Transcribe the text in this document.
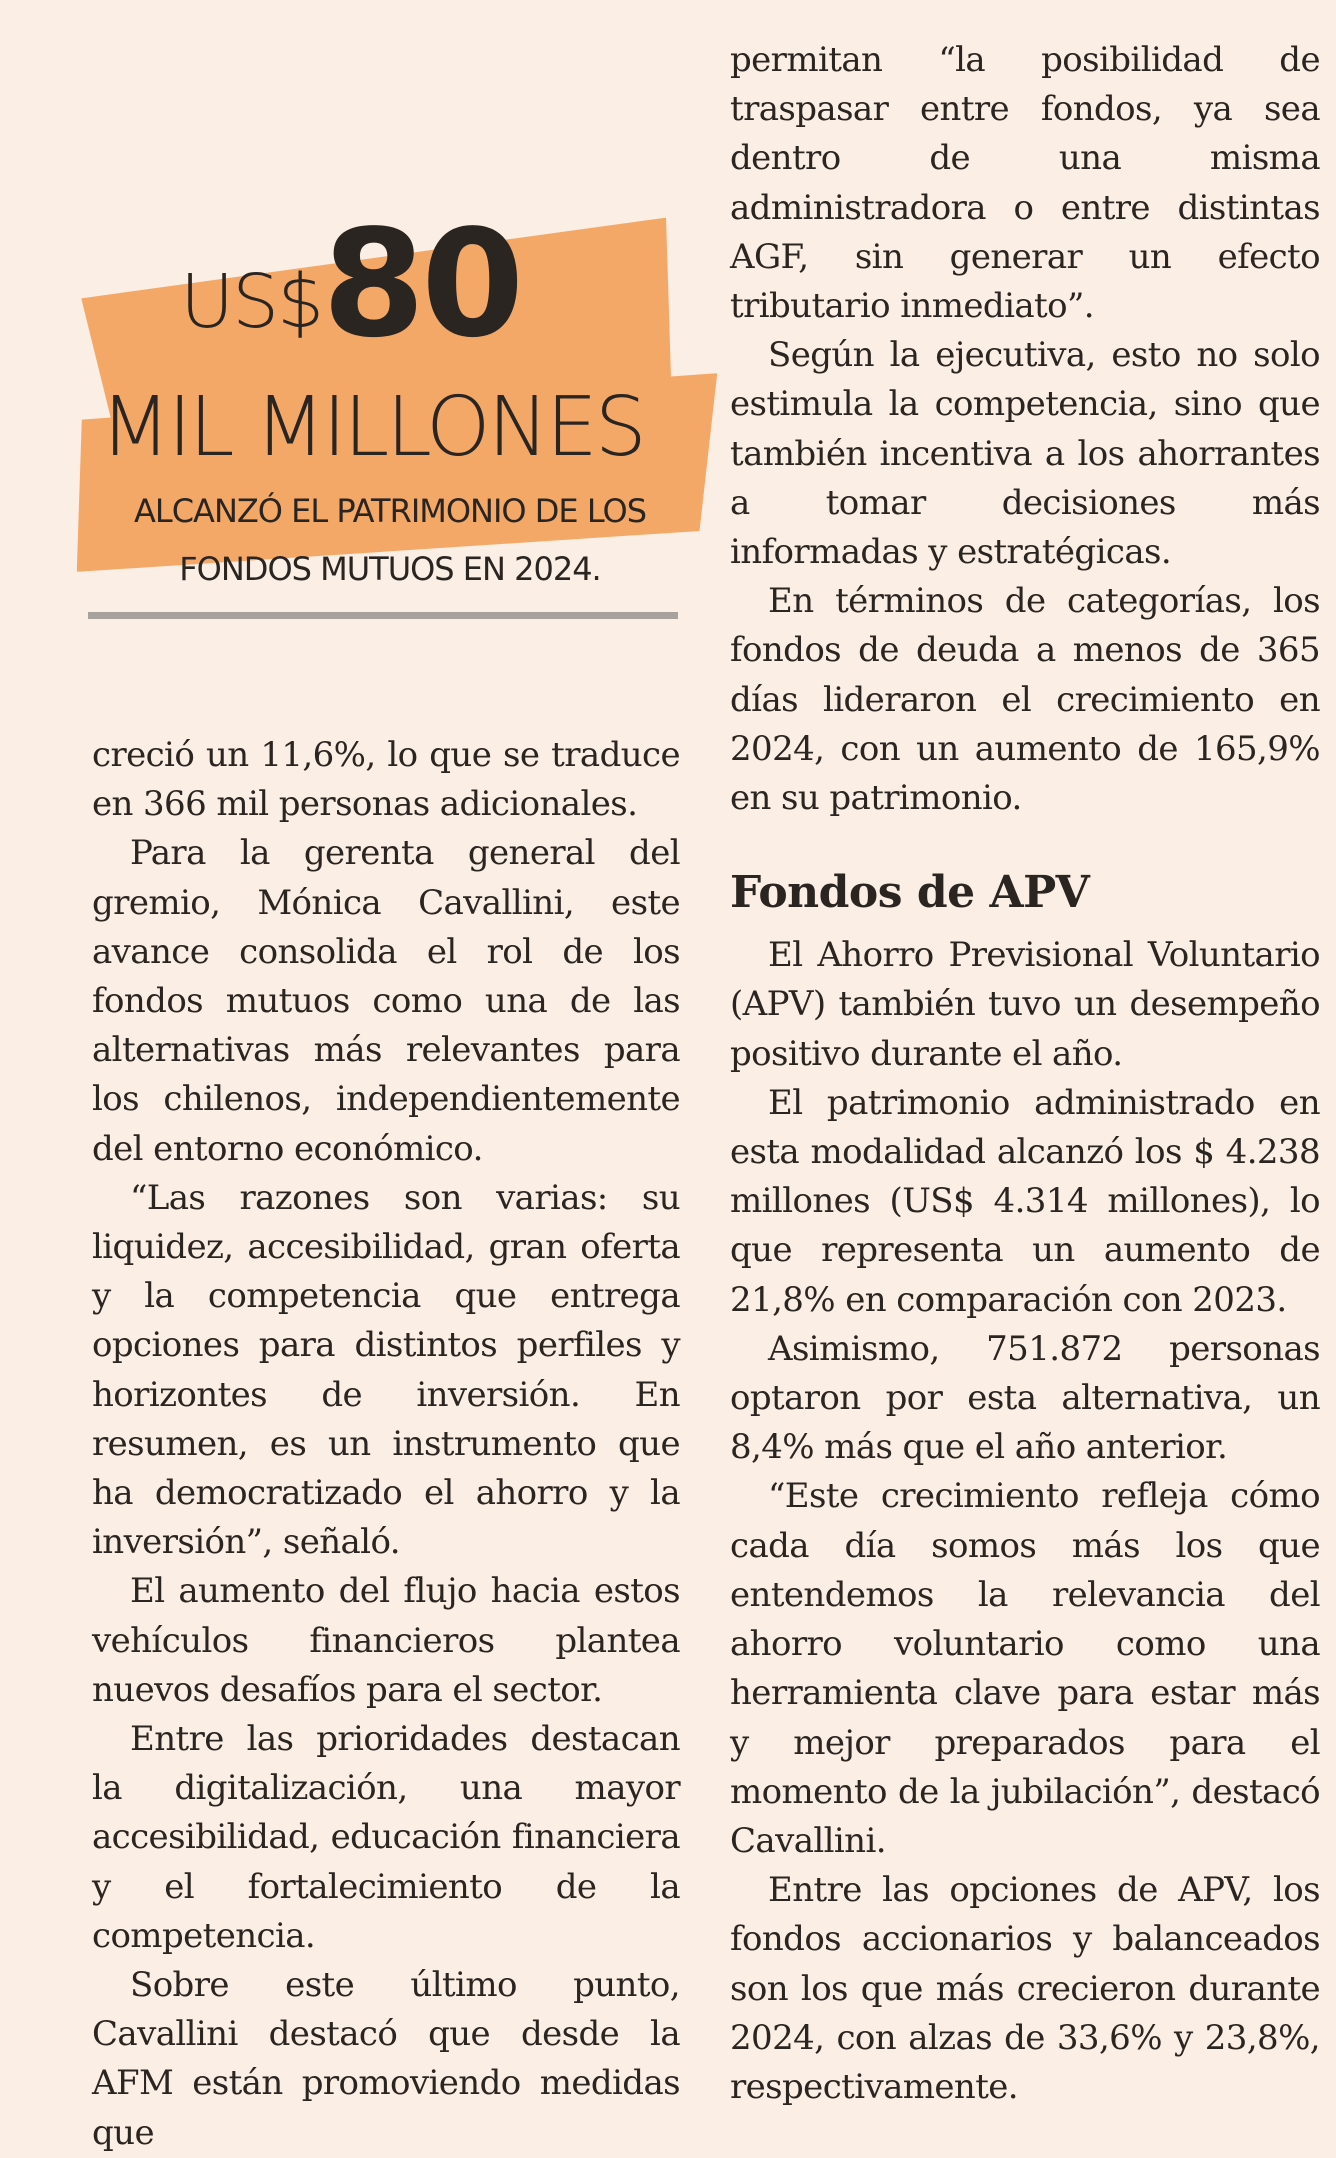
US$80
MIL MILLONES
ALCANZÓ EL PATRIMONIO DE LOS
FONDOS MUTUOS EN 2024.

creció un 11,6%, lo que se traduce en 366 mil personas adicionales.

Para la gerenta general del gremio, Mónica Cavallini, este avance consolida el rol de los fondos mutuos como una de las alternativas más relevantes para los chilenos, independientemente del entorno económico.

“Las razones son varias: su liquidez, accesibilidad, gran oferta y la competencia que entrega opciones para distintos perfiles y horizontes de inversión. En resumen, es un instrumento que ha democratizado el ahorro y la inversión”, señaló.

El aumento del flujo hacia estos vehículos financieros plantea nuevos desafíos para el sector.

Entre las prioridades destacan la digitalización, una mayor accesibilidad, educación financiera y el fortalecimiento de la competencia.

Sobre este último punto, Cavallini destacó que desde la AFM están promoviendo medidas que

permitan “la posibilidad de traspasar entre fondos, ya sea dentro de una misma administradora o entre distintas AGF, sin generar un efecto tributario inmediato”.

Según la ejecutiva, esto no solo estimula la competencia, sino que también incentiva a los ahorrantes a tomar decisiones más informadas y estratégicas.

En términos de categorías, los fondos de deuda a menos de 365 días lideraron el crecimiento en 2024, con un aumento de 165,9% en su patrimonio.

Fondos de APV

El Ahorro Previsional Voluntario (APV) también tuvo un desempeño positivo durante el año.

El patrimonio administrado en esta modalidad alcanzó los $ 4.238 millones (US$ 4.314 millones), lo que representa un aumento de 21,8% en comparación con 2023.

Asimismo, 751.872 personas optaron por esta alternativa, un 8,4% más que el año anterior.

“Este crecimiento refleja cómo cada día somos más los que entendemos la relevancia del ahorro voluntario como una herramienta clave para estar más y mejor preparados para el momento de la jubilación”, destacó Cavallini.

Entre las opciones de APV, los fondos accionarios y balanceados son los que más crecieron durante 2024, con alzas de 33,6% y 23,8%, respectivamente.
